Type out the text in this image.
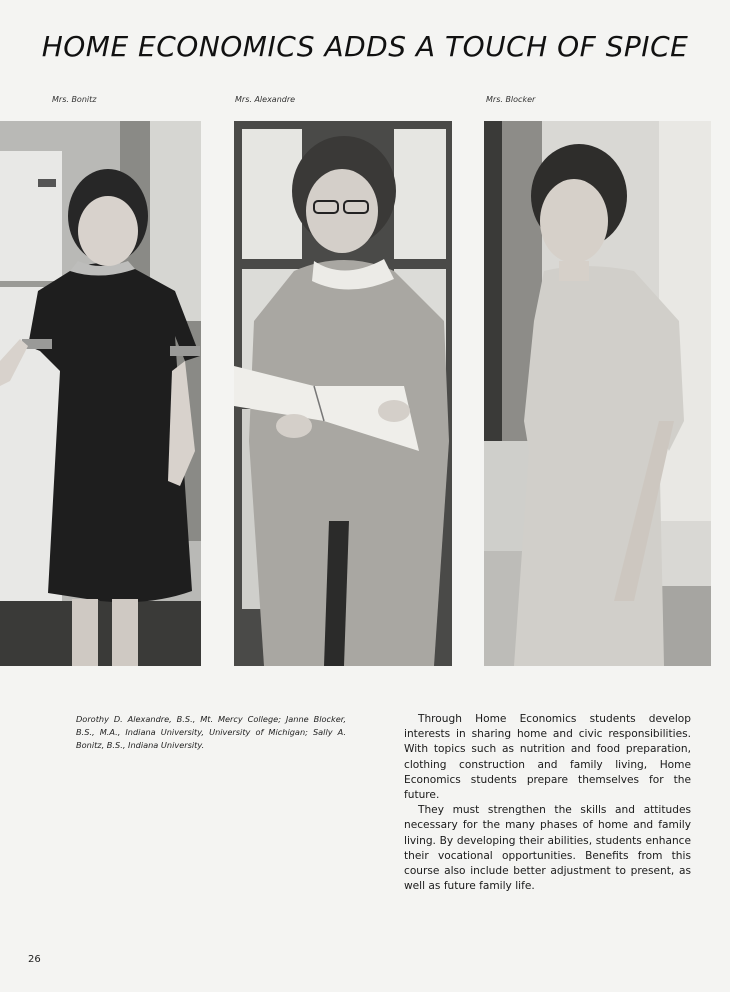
HOME ECONOMICS ADDS A TOUCH OF SPICE
Mrs. Bonitz	Mrs. Alexandre	Mrs. Blocker

Dorothy D. Alexandre, B.S., Mt. Mercy College; Janne Blocker, B.S., M.A., Indiana University, University of Michigan; Sally A. Bonitz, B.S., Indiana University.

Through Home Economics students develop interests in sharing home and civic responsibilities. With topics such as nutrition and food preparation, clothing construction and family living, Home Economics students prepare themselves for the future.

They must strengthen the skills and attitudes necessary for the many phases of home and family living. By developing their abilities, students enhance their vocational opportunities. Benefits from this course also include better adjustment to present, as well as future family life.

26
